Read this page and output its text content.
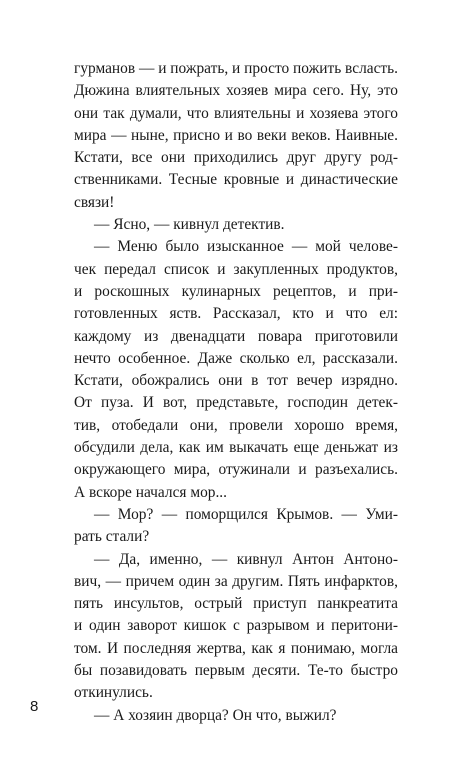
гурманов — и пожрать, и просто пожить всласть.
Дюжина влиятельных хозяев мира сего. Ну, это
они так думали, что влиятельны и хозяева этого
мира — ныне, присно и во веки веков. Наивные.
Кстати, все они приходились друг другу род-
ственниками. Тесные кровные и династические
связи!
— Ясно, — кивнул детектив.
— Меню было изысканное — мой челове-
чек передал список и закупленных продуктов,
и роскошных кулинарных рецептов, и при-
готовленных яств. Рассказал, кто и что ел:
каждому из двенадцати повара приготовили
нечто особенное. Даже сколько ел, рассказали.
Кстати, обожрались они в тот вечер изрядно.
От пуза. И вот, представьте, господин детек-
тив, отобедали они, провели хорошо время,
обсудили дела, как им выкачать еще деньжат из
окружающего мира, отужинали и разъехались.
А вскоре начался мор...
— Мор? — поморщился Крымов. — Уми-
рать стали?
— Да, именно, — кивнул Антон Антоно-
вич, — причем один за другим. Пять инфарктов,
пять инсультов, острый приступ панкреатита
и один заворот кишок с разрывом и перитони-
том. И последняя жертва, как я понимаю, могла
бы позавидовать первым десяти. Те-то быстро
откинулись.
— А хозяин дворца? Он что, выжил?
8
